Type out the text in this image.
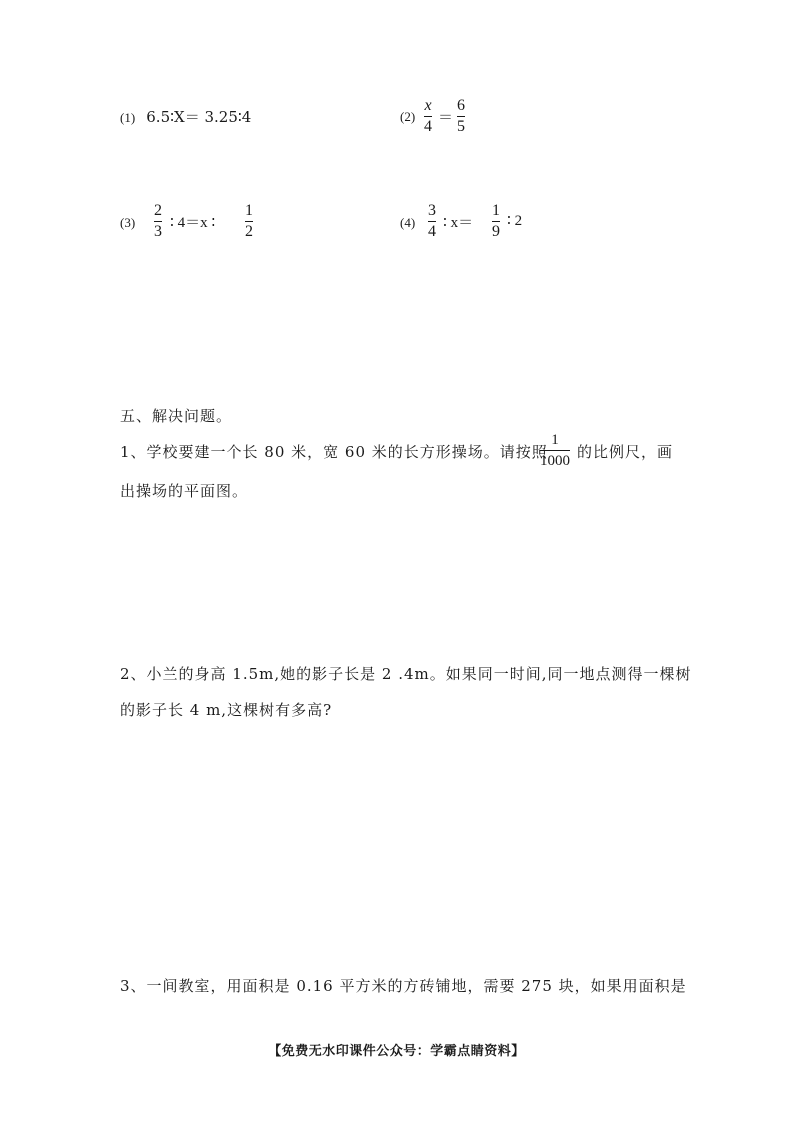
(1) 6.5∶X＝ 3.25∶4	(2)
x
4 ＝
6
5
(3)
2
3 ∶ 4＝x ∶
1
2
(4)
3
4 ∶ x＝
1
9
∶ 2
五、解决问题。
1、学校要建一个长 80 米，宽 60 米的长方形操场。请按照
1
1000 的比例尺，画
出操场的平面图。
2、小兰的身高 1.5m,她的影子长是 2 .4m。如果同一时间,同一地点测得一棵树
的影子长 4 m,这棵树有多高?
3、一间教室，用面积是 0.16 平方米的方砖铺地，需要 275 块，如果用面积是
【免费无水印课件公众号：学霸点睛资料】
